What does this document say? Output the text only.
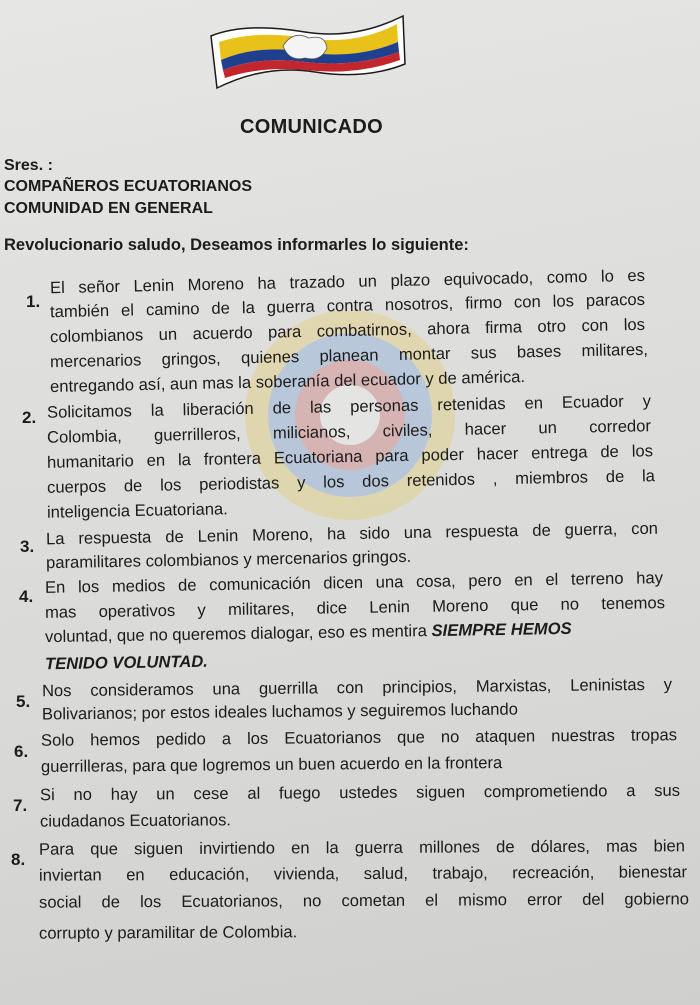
COMUNICADO
Sres. :
COMPAÑEROS ECUATORIANOS
COMUNIDAD EN GENERAL
Revolucionario saludo, Deseamos informarles lo siguiente:
1.
El señor Lenin Moreno ha trazado un plazo equivocado, como lo es
también el camino de la guerra contra nosotros, firmo con los paracos
colombianos un acuerdo para combatirnos, ahora firma otro con los
mercenarios gringos, quienes planean montar sus bases militares,
entregando así, aun mas la soberanía del ecuador y de américa.
2. Solicitamos la liberación de las personas retenidas en Ecuador y
Colombia, guerrilleros, milicianos, civiles, hacer un corredor
humanitario en la frontera Ecuatoriana para poder hacer entrega de los
cuerpos de los periodistas y los dos retenidos , miembros de la
inteligencia Ecuatoriana.
3. La respuesta de Lenin Moreno, ha sido una respuesta de guerra, con
paramilitares colombianos y mercenarios gringos.
4. En los medios de comunicación dicen una cosa, pero en el terreno hay
mas operativos y militares, dice Lenin Moreno que no tenemos
voluntad, que no queremos dialogar, eso es mentira SIEMPRE HEMOS
TENIDO VOLUNTAD.
5.
Nos consideramos una guerrilla con principios, Marxistas, Leninistas y
Bolivarianos; por estos ideales luchamos y seguiremos luchando
6.
Solo hemos pedido a los Ecuatorianos que no ataquen nuestras tropas
guerrilleras, para que logremos un buen acuerdo en la frontera
7.
Si no hay un cese al fuego ustedes siguen comprometiendo a sus
ciudadanos Ecuatorianos.
8.
Para que siguen invirtiendo en la guerra millones de dólares, mas bien
inviertan en educación, vivienda, salud, trabajo, recreación, bienestar
social de los Ecuatorianos, no cometan el mismo error del gobierno
corrupto y paramilitar de Colombia.
